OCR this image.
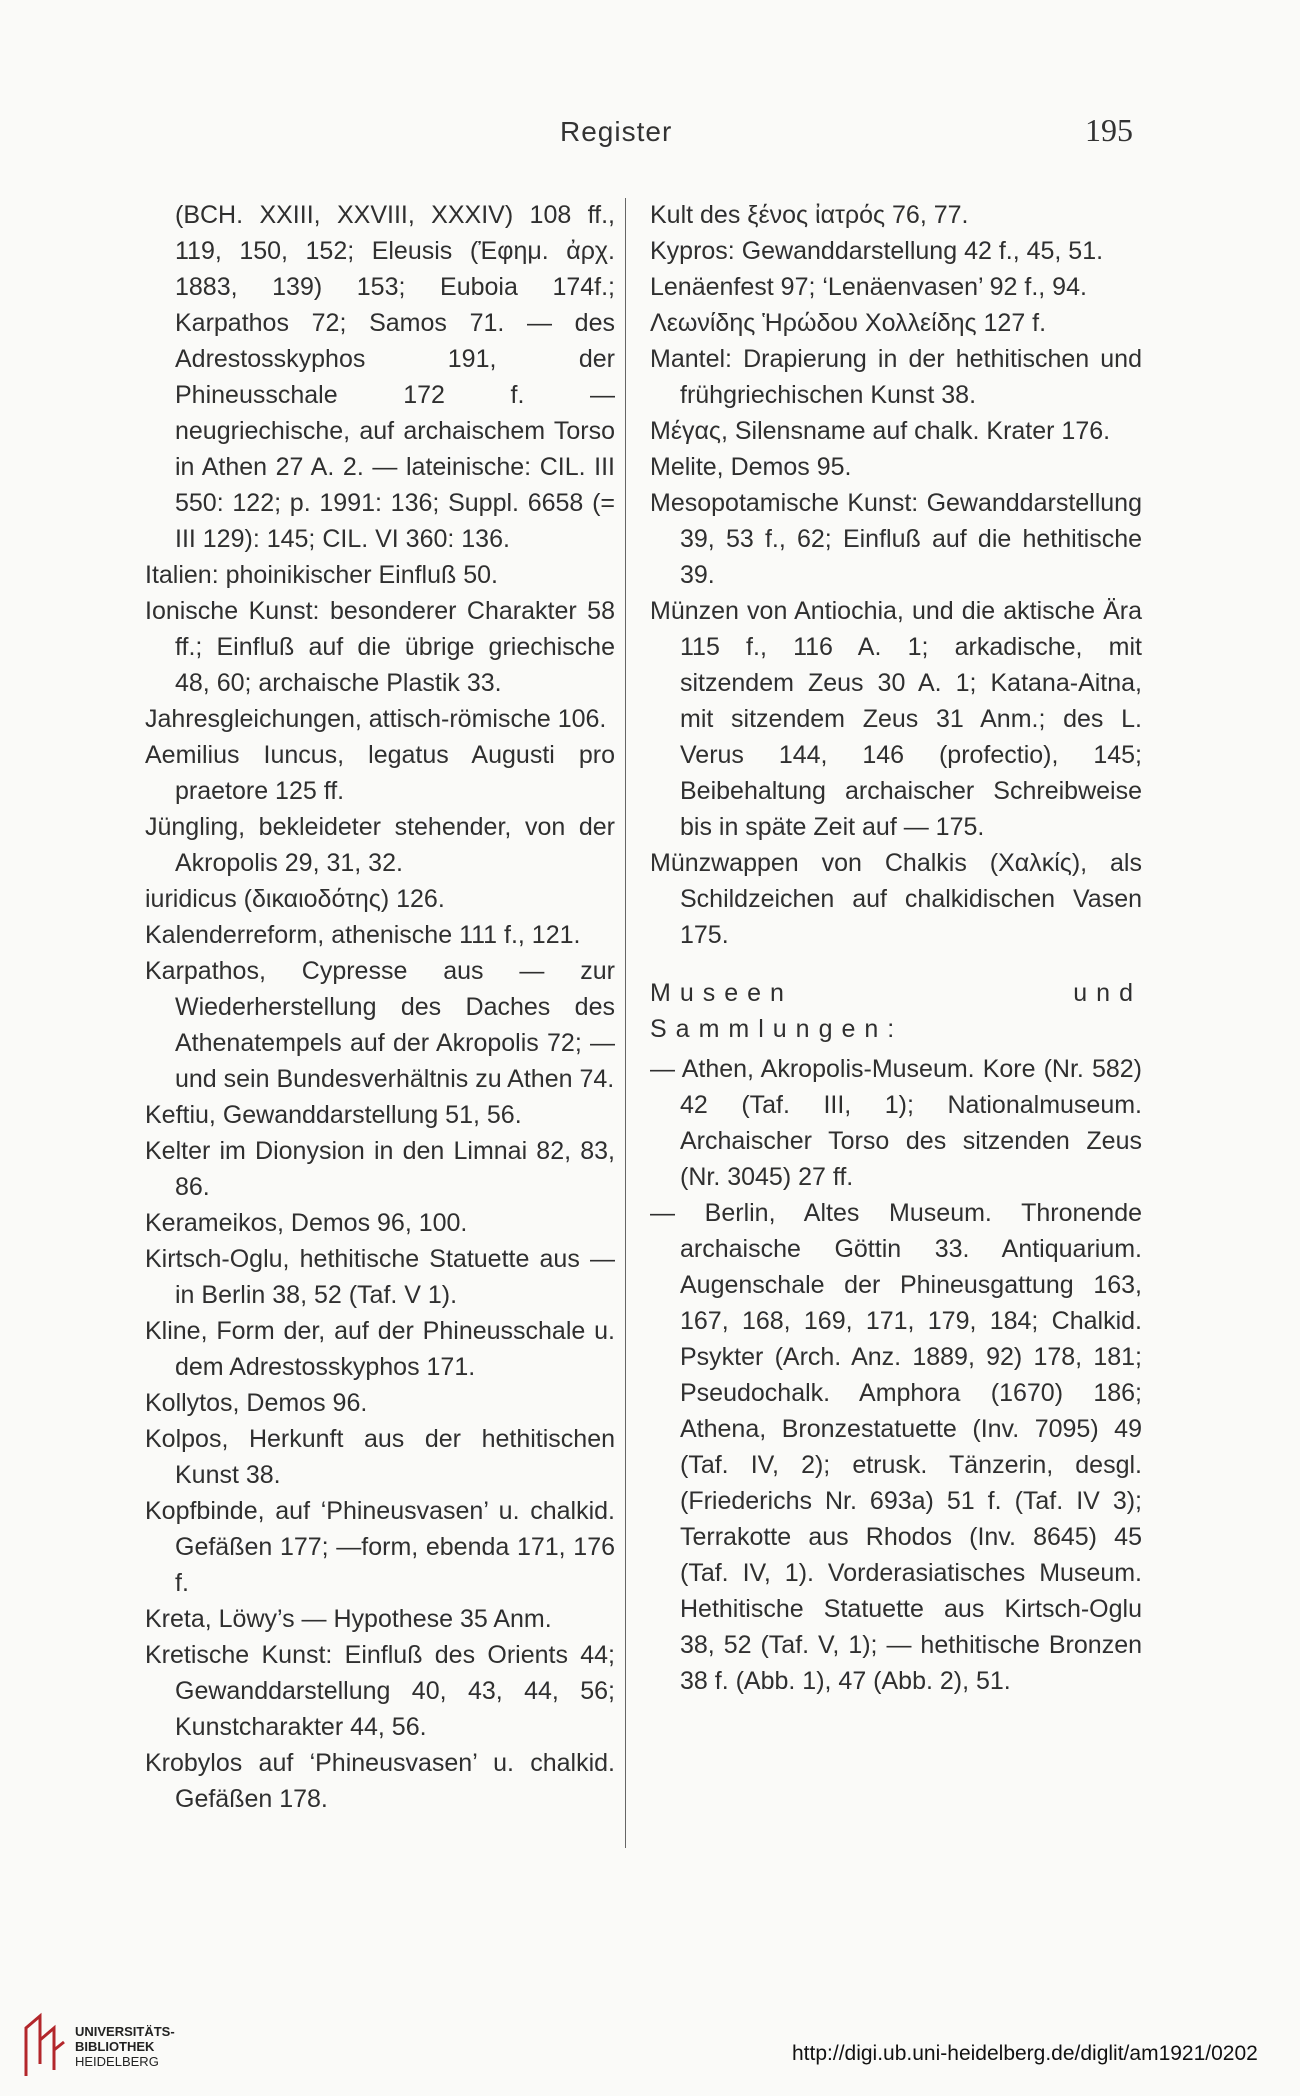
Register	195

(BCH. XXIII, XXVIII, XXXIV) 108 ff., 119, 150, 152; Eleusis (Ἐφημ. ἀρχ. 1883, 139) 153; Euboia 174f.; Karpathos 72; Samos 71. — des Adrestosskyphos 191, der Phineusschale 172 f. — neugriechische, auf archaischem Torso in Athen 27 A. 2. — lateinische: CIL. III 550: 122; p. 1991: 136; Suppl. 6658 (= III 129): 145; CIL. VI 360: 136.

Italien: phoinikischer Einfluß 50.

Ionische Kunst: besonderer Charakter 58 ff.; Einfluß auf die übrige griechische 48, 60; archaische Plastik 33.

Jahresgleichungen, attisch-römische 106.

Aemilius Iuncus, legatus Augusti pro praetore 125 ff.

Jüngling, bekleideter stehender, von der Akropolis 29, 31, 32.

iuridicus (δικαιοδότης) 126.

Kalenderreform, athenische 111 f., 121.

Karpathos, Cypresse aus — zur Wiederherstellung des Daches des Athenatempels auf der Akropolis 72; — und sein Bundesverhältnis zu Athen 74.

Keftiu, Gewanddarstellung 51, 56.

Kelter im Dionysion in den Limnai 82, 83, 86.

Kerameikos, Demos 96, 100.

Kirtsch-Oglu, hethitische Statuette aus — in Berlin 38, 52 (Taf. V 1).

Kline, Form der, auf der Phineusschale u. dem Adrestosskyphos 171.

Kollytos, Demos 96.

Kolpos, Herkunft aus der hethitischen Kunst 38.

Kopfbinde, auf ‘Phineusvasen’ u. chalkid. Gefäßen 177; —form, ebenda 171, 176 f.

Kreta, Löwy’s — Hypothese 35 Anm.

Kretische Kunst: Einfluß des Orients 44; Gewanddarstellung 40, 43, 44, 56; Kunstcharakter 44, 56.

Krobylos auf ‘Phineusvasen’ u. chalkid. Gefäßen 178.

Kult des ξένος ἰατρός 76, 77.

Kypros: Gewanddarstellung 42 f., 45, 51.

Lenäenfest 97; ‘Lenäenvasen’ 92 f., 94.

Λεωνίδης Ἡρώδου Χολλείδης 127 f.

Mantel: Drapierung in der hethitischen und frühgriechischen Kunst 38.

Μέγας, Silensname auf chalk. Krater 176.

Melite, Demos 95.

Mesopotamische Kunst: Gewanddarstellung 39, 53 f., 62; Einfluß auf die hethitische 39.

Münzen von Antiochia, und die aktische Ära 115 f., 116 A. 1; arkadische, mit sitzendem Zeus 30 A. 1; Katana-Aitna, mit sitzendem Zeus 31 Anm.; des L. Verus 144, 146 (profectio), 145; Beibehaltung archaischer Schreibweise bis in späte Zeit auf — 175.

Münzwappen von Chalkis (Χαλκίς), als Schildzeichen auf chalkidischen Vasen 175.

Museen und Sammlungen:

— Athen, Akropolis-Museum. Kore (Nr. 582) 42 (Taf. III, 1); Nationalmuseum. Archaischer Torso des sitzenden Zeus (Nr. 3045) 27 ff.

— Berlin, Altes Museum. Thronende archaische Göttin 33. Antiquarium. Augenschale der Phineusgattung 163, 167, 168, 169, 171, 179, 184; Chalkid. Psykter (Arch. Anz. 1889, 92) 178, 181; Pseudochalk. Amphora (1670) 186; Athena, Bronzestatuette (Inv. 7095) 49 (Taf. IV, 2); etrusk. Tänzerin, desgl. (Friederichs Nr. 693a) 51 f. (Taf. IV 3); Terrakotte aus Rhodos (Inv. 8645) 45 (Taf. IV, 1). Vorderasiatisches Museum. Hethitische Statuette aus Kirtsch-Oglu 38, 52 (Taf. V, 1); — hethitische Bronzen 38 f. (Abb. 1), 47 (Abb. 2), 51.

UNIVERSITÄTS-
BIBLIOTHEK
HEIDELBERG	http://digi.ub.uni-heidelberg.de/diglit/am1921/0202
